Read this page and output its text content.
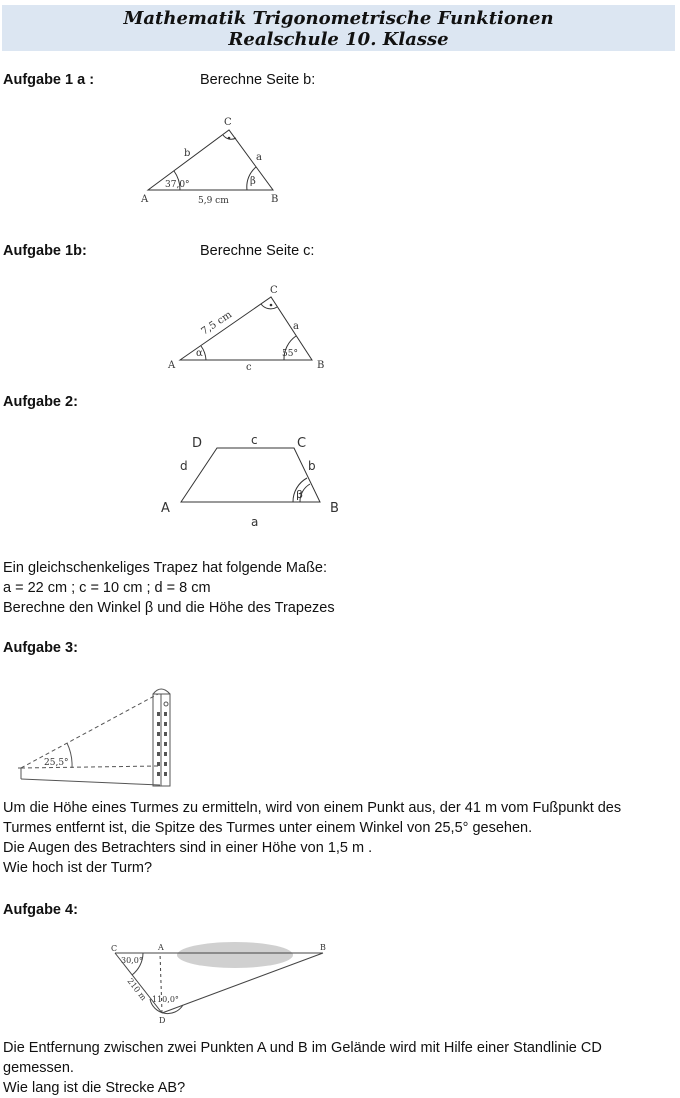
Mathematik Trigonometrische Funktionen
Realschule 10. Klasse
Aufgabe 1 a :	Berechne Seite b:
C
A	B
b	a
37,0°	β
5,9 cm
Aufgabe 1b:	Berechne Seite c:
C
A	B
a
c
7,5 cm
α	55°
Aufgabe 2:
D	c	C
d	b
β
A	B
a
Ein gleichschenkeliges Trapez hat folgende Maße:
a = 22 cm ; c = 10 cm ; d = 8 cm
Berechne den Winkel β und die Höhe des Trapezes
Aufgabe 3:
25,5°
Um die Höhe eines Turmes zu ermitteln, wird von einem Punkt aus, der 41 m vom Fußpunkt des
Turmes entfernt ist, die Spitze des Turmes unter einem Winkel von 25,5° gesehen.
Die Augen des Betrachters sind in einer Höhe von 1,5 m .
Wie hoch ist der Turm?
Aufgabe 4:
C	A	B
D
30,0°
110,0°
210 m
Die Entfernung zwischen zwei Punkten A und B im Gelände wird mit Hilfe einer Standlinie CD
gemessen.
Wie lang ist die Strecke AB?
